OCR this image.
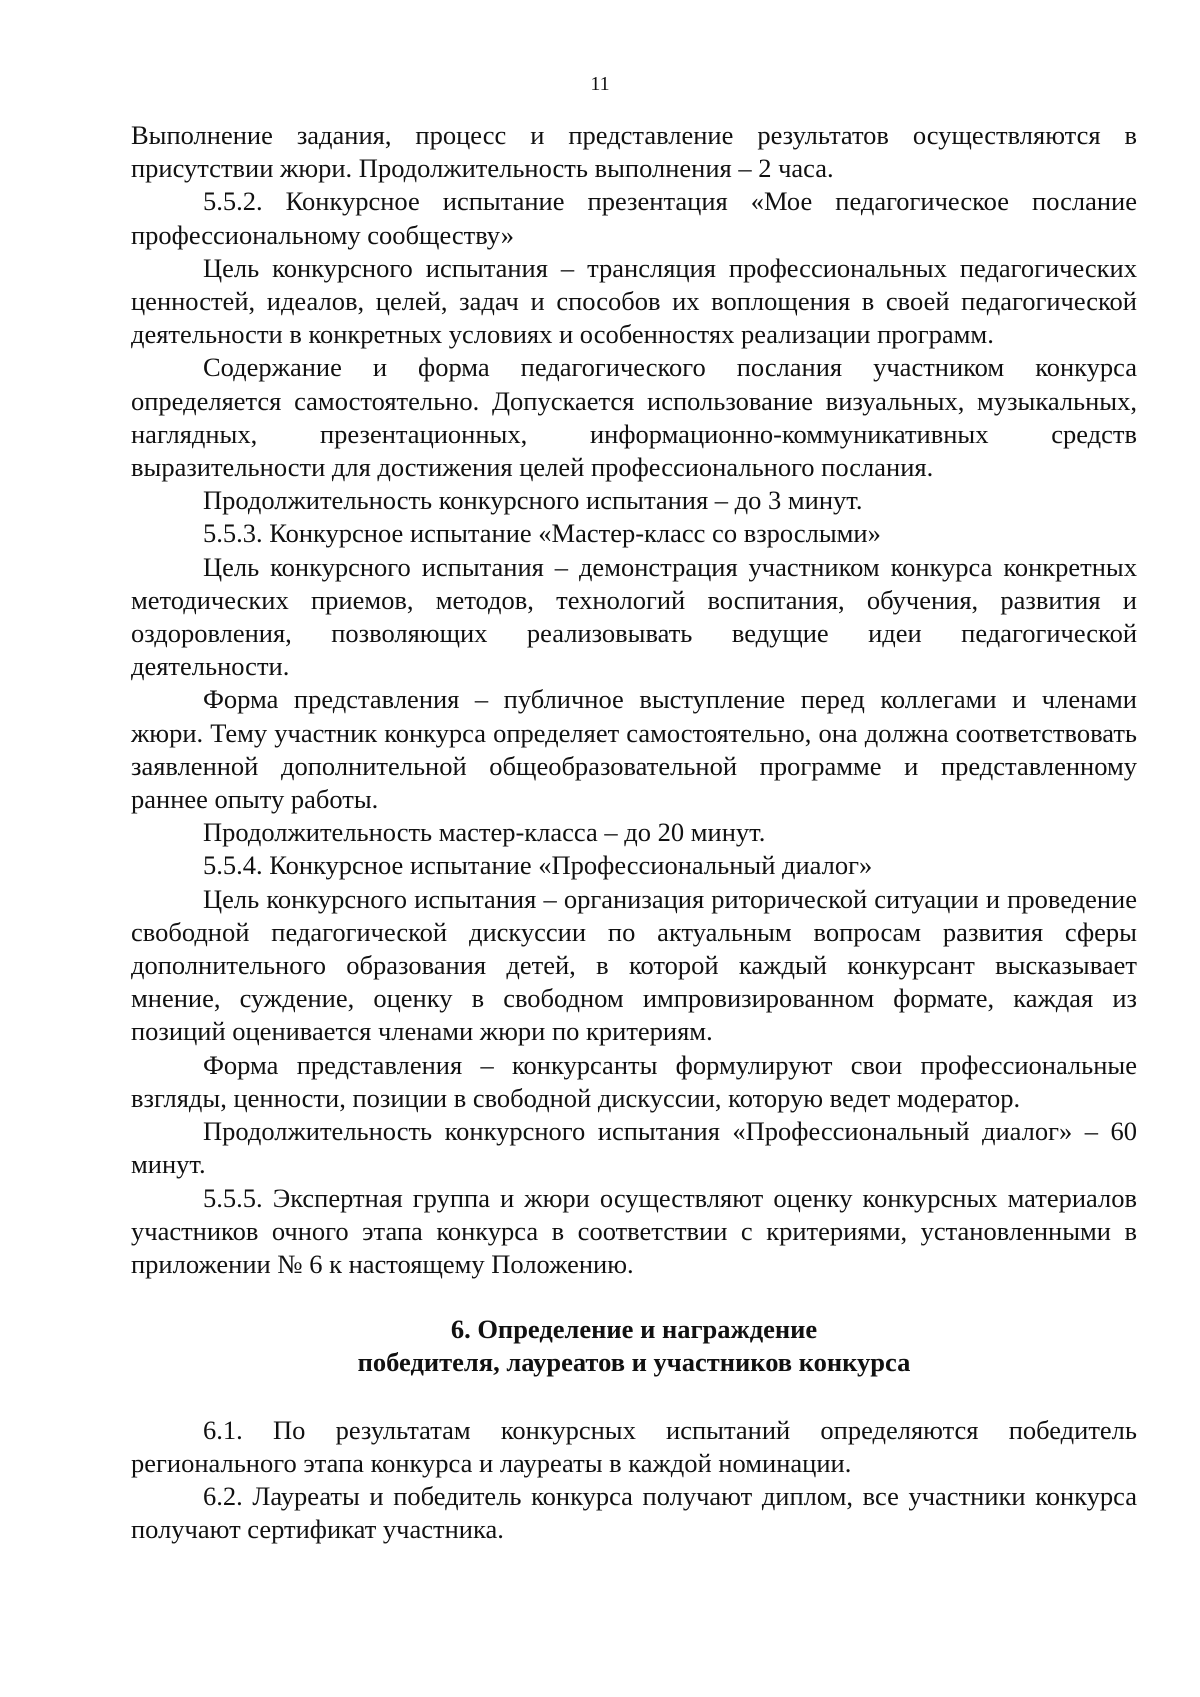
11

Выполнение задания, процесс и представление результатов осуществляются в присутствии жюри. Продолжительность выполнения – 2 часа.

5.5.2. Конкурсное испытание презентация «Мое педагогическое послание профессиональному сообществу»

Цель конкурсного испытания – трансляция профессиональных педагогических ценностей, идеалов, целей, задач и способов их воплощения в своей педагогической деятельности в конкретных условиях и особенностях реализации программ.

Содержание и форма педагогического послания участником конкурса определяется самостоятельно. Допускается использование визуальных, музыкальных, наглядных, презентационных, информационно-коммуникативных средств выразительности для достижения целей профессионального послания.

Продолжительность конкурсного испытания – до 3 минут.

5.5.3. Конкурсное испытание «Мастер-класс со взрослыми»

Цель конкурсного испытания – демонстрация участником конкурса конкретных методических приемов, методов, технологий воспитания, обучения, развития и оздоровления, позволяющих реализовывать ведущие идеи педагогической деятельности.

Форма представления – публичное выступление перед коллегами и членами жюри. Тему участник конкурса определяет самостоятельно, она должна соответствовать заявленной дополнительной общеобразовательной программе и представленному раннее опыту работы.

Продолжительность мастер-класса – до 20 минут.

5.5.4. Конкурсное испытание «Профессиональный диалог»

Цель конкурсного испытания – организация риторической ситуации и проведение свободной педагогической дискуссии по актуальным вопросам развития сферы дополнительного образования детей, в которой каждый конкурсант высказывает мнение, суждение, оценку в свободном импровизированном формате, каждая из позиций оценивается членами жюри по критериям.

Форма представления – конкурсанты формулируют свои профессиональные взгляды, ценности, позиции в свободной дискуссии, которую ведет модератор.

Продолжительность конкурсного испытания «Профессиональный диалог» – 60 минут.

5.5.5. Экспертная группа и жюри осуществляют оценку конкурсных материалов участников очного этапа конкурса в соответствии с критериями, установленными в приложении № 6 к настоящему Положению.

6. Определение и награждение
победителя, лауреатов и участников конкурса

6.1. По результатам конкурсных испытаний определяются победитель регионального этапа конкурса и лауреаты в каждой номинации.

6.2. Лауреаты и победитель конкурса получают диплом, все участники конкурса получают сертификат участника.
